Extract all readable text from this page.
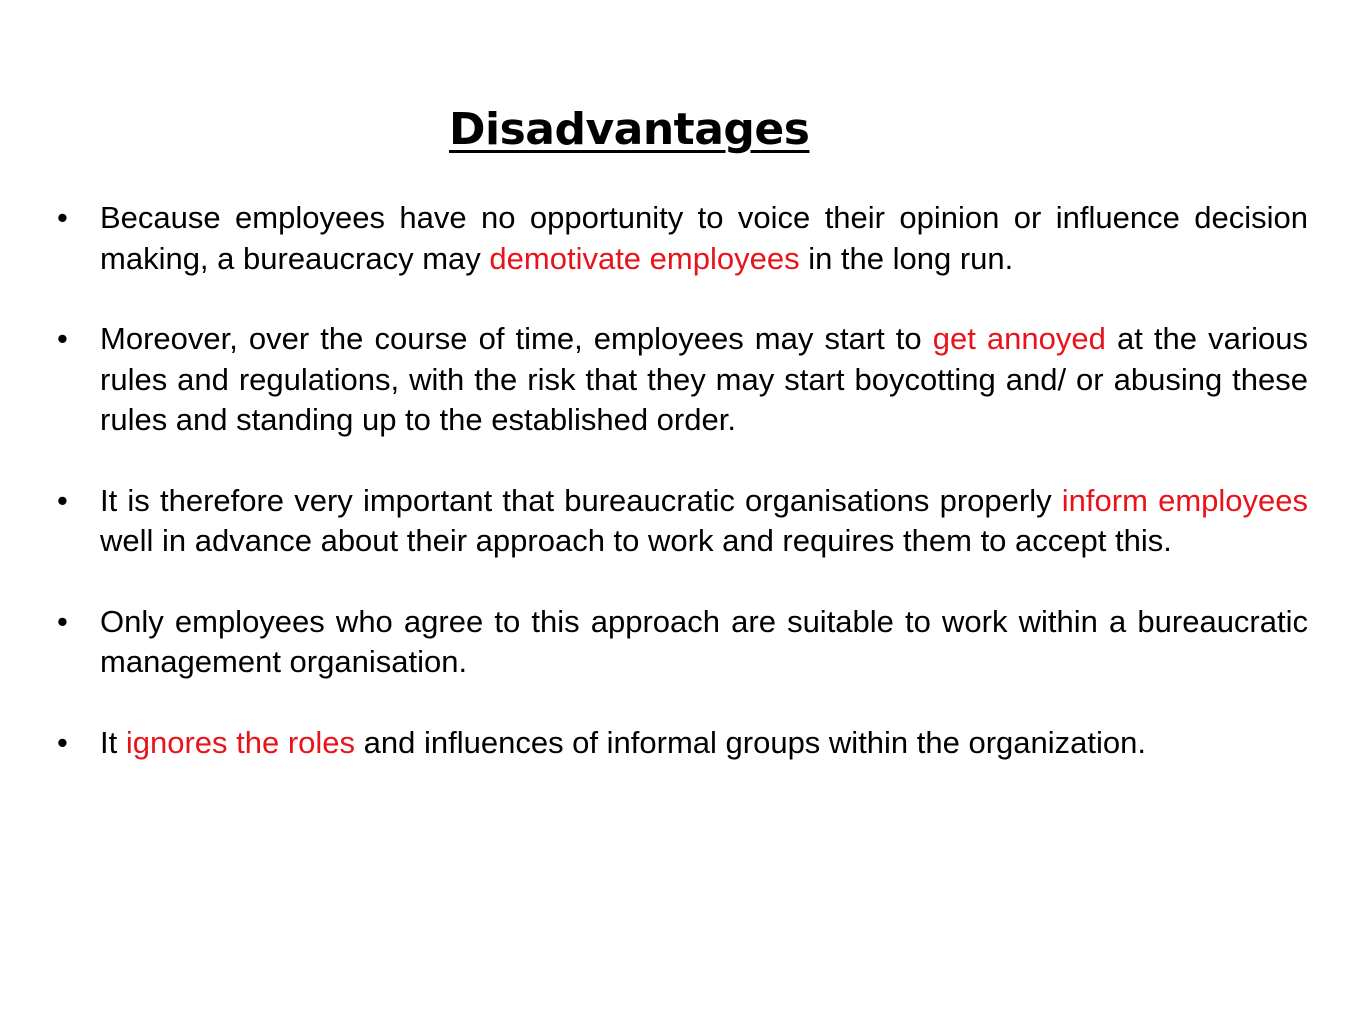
Disadvantages
•	Because employees have no opportunity to voice their opinion or influence decision making, a bureaucracy may demotivate employees in the long run.
•	Moreover, over the course of time, employees may start to get annoyed at the various rules and regulations, with the risk that they may start boycotting and/ or abusing these rules and standing up to the established order.
•	It is therefore very important that bureaucratic organisations properly inform employees well in advance about their approach to work and requires them to accept this.
•	Only employees who agree to this approach are suitable to work within a bureaucratic management organisation.
•	It ignores the roles and influences of informal groups within the organization.
